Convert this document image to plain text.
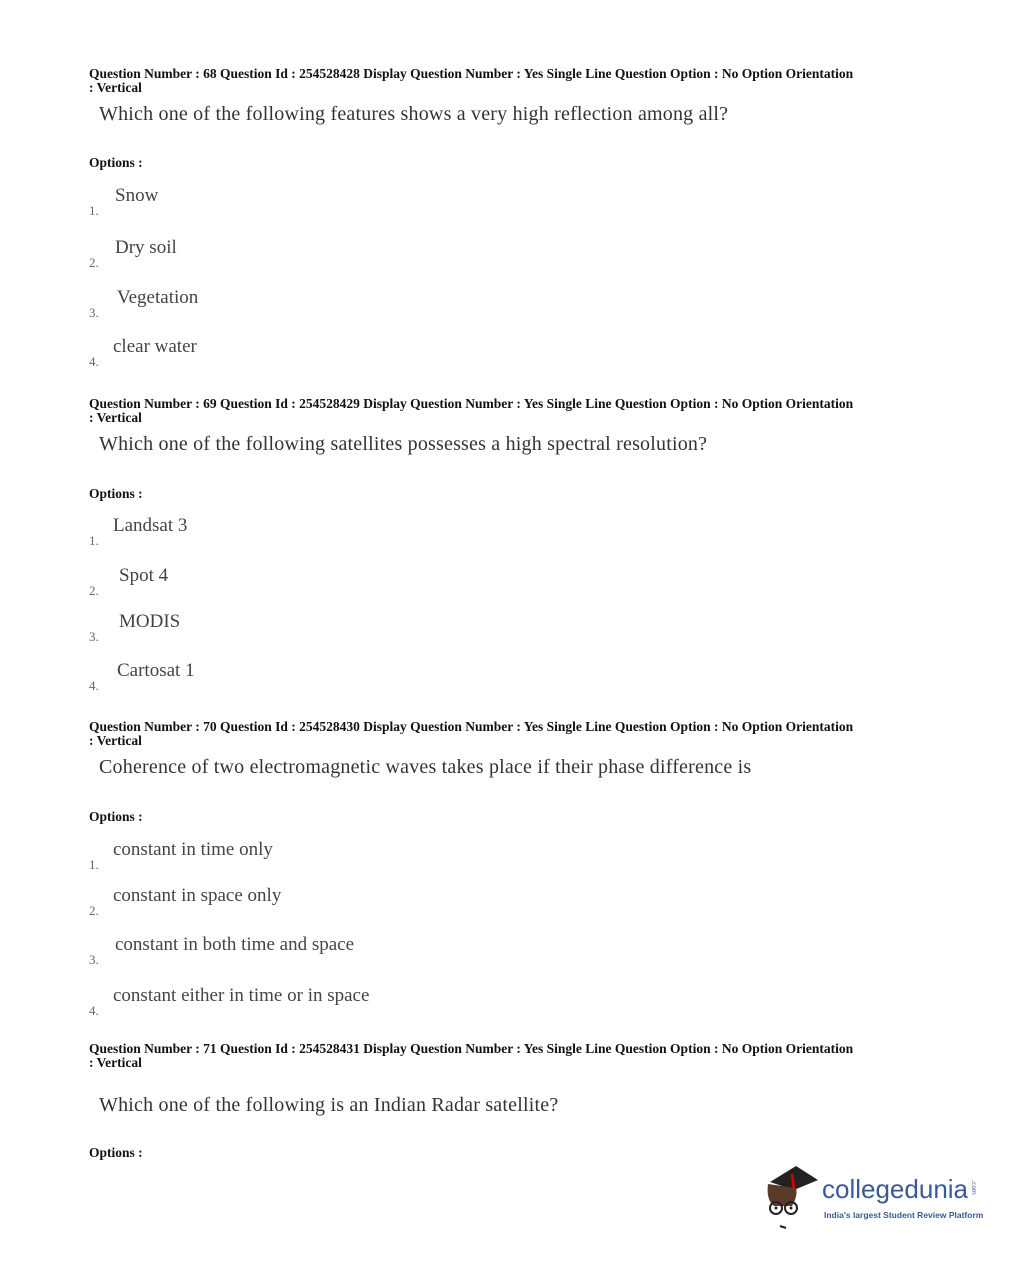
Question Number : 68 Question Id : 254528428 Display Question Number : Yes Single Line Question Option : No Option Orientation : Vertical
Which one of the following features shows a very high reflection among all?
Options :
Snow
1.
Dry soil
2.
Vegetation
3.
clear water
4.
Question Number : 69 Question Id : 254528429 Display Question Number : Yes Single Line Question Option : No Option Orientation : Vertical
Which one of the following satellites possesses a high spectral resolution?
Options :
Landsat 3
1.
Spot 4
2.
MODIS
3.
Cartosat 1
4.
Question Number : 70 Question Id : 254528430 Display Question Number : Yes Single Line Question Option : No Option Orientation : Vertical
Coherence of two electromagnetic waves takes place if their phase difference is
Options :
constant in time only
1.
constant in space only
2.
constant in both time and space
3.
constant either in time or in space
4.
Question Number : 71 Question Id : 254528431 Display Question Number : Yes Single Line Question Option : No Option Orientation : Vertical
Which one of the following is an Indian Radar satellite?
Options :
collegedunia .com
India's largest Student Review Platform
